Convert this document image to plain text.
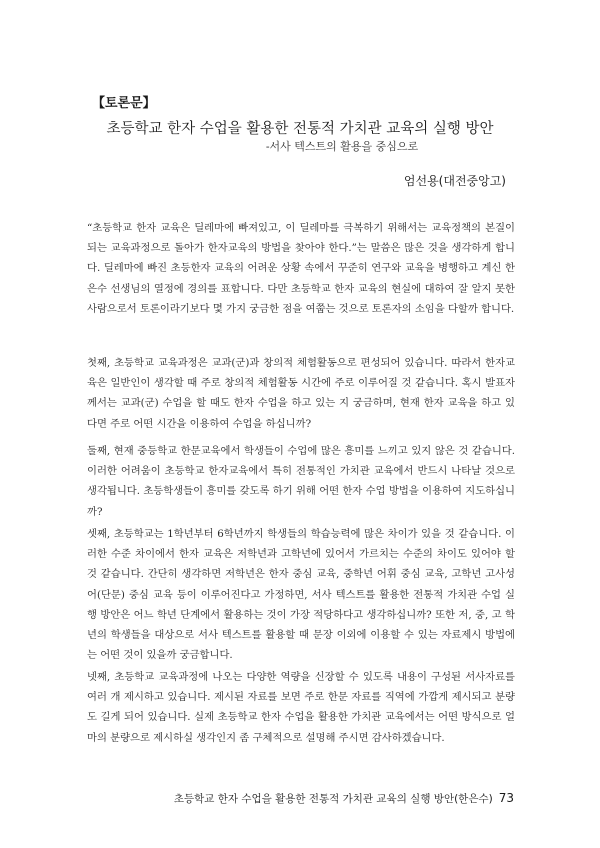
【토론문】
초등학교 한자 수업을 활용한 전통적 가치관 교육의 실행 방안
-서사 텍스트의 활용을 중심으로
엄선용(대전중앙고)
“초등학교 한자 교육은 딜레마에 빠져있고, 이 딜레마를 극복하기 위해서는 교육정책의 본질이 되는 교육과정으로 돌아가 한자교육의 방법을 찾아야 한다.”는 말씀은 많은 것을 생각하게 합니다. 딜레마에 빠진 초등한자 교육의 어려운 상황 속에서 꾸준히 연구와 교육을 병행하고 계신 한은수 선생님의 열정에 경의를 표합니다. 다만 초등학교 한자 교육의 현실에 대하여 잘 알지 못한 사람으로서 토론이라기보다 몇 가지 궁금한 점을 여쭙는 것으로 토론자의 소임을 다할까 합니다.
첫째, 초등학교 교육과정은 교과(군)과 창의적 체험활동으로 편성되어 있습니다. 따라서 한자교육은 일반인이 생각할 때 주로 창의적 체험활동 시간에 주로 이루어질 것 같습니다. 혹시 발표자께서는 교과(군) 수업을 할 때도 한자 수업을 하고 있는 지 궁금하며, 현재 한자 교육을 하고 있다면 주로 어떤 시간을 이용하여 수업을 하십니까?
둘째, 현재 중등학교 한문교육에서 학생들이 수업에 많은 흥미를 느끼고 있지 않은 것 같습니다. 이러한 어려움이 초등학교 한자교육에서 특히 전통적인 가치관 교육에서 반드시 나타날 것으로 생각됩니다. 초등학생들이 흥미를 갖도록 하기 위해 어떤 한자 수업 방법을 이용하여 지도하십니까?
셋째, 초등학교는 1학년부터 6학년까지 학생들의 학습능력에 많은 차이가 있을 것 같습니다. 이러한 수준 차이에서 한자 교육은 저학년과 고학년에 있어서 가르치는 수준의 차이도 있어야 할 것 같습니다. 간단히 생각하면 저학년은 한자 중심 교육, 중학년 어휘 중심 교육, 고학년 고사성어(단문) 중심 교육 등이 이루어진다고 가정하면, 서사 텍스트를 활용한 전통적 가치관 수업 실행 방안은 어느 학년 단계에서 활용하는 것이 가장 적당하다고 생각하십니까? 또한 저, 중, 고 학년의 학생들을 대상으로 서사 텍스트를 활용할 때 문장 이외에 이용할 수 있는 자료제시 방법에는 어떤 것이 있을까 궁금합니다.
넷째, 초등학교 교육과정에 나오는 다양한 역량을 신장할 수 있도록 내용이 구성된 서사자료를 여러 개 제시하고 있습니다. 제시된 자료를 보면 주로 한문 자료를 직역에 가깝게 제시되고 분량도 길게 되어 있습니다. 실제 초등학교 한자 수업을 활용한 가치관 교육에서는 어떤 방식으로 얼마의 분량으로 제시하실 생각인지 좀 구체적으로 설명해 주시면 감사하겠습니다.
초등학교 한자 수업을 활용한 전통적 가치관 교육의 실행 방안(한은수) 73
